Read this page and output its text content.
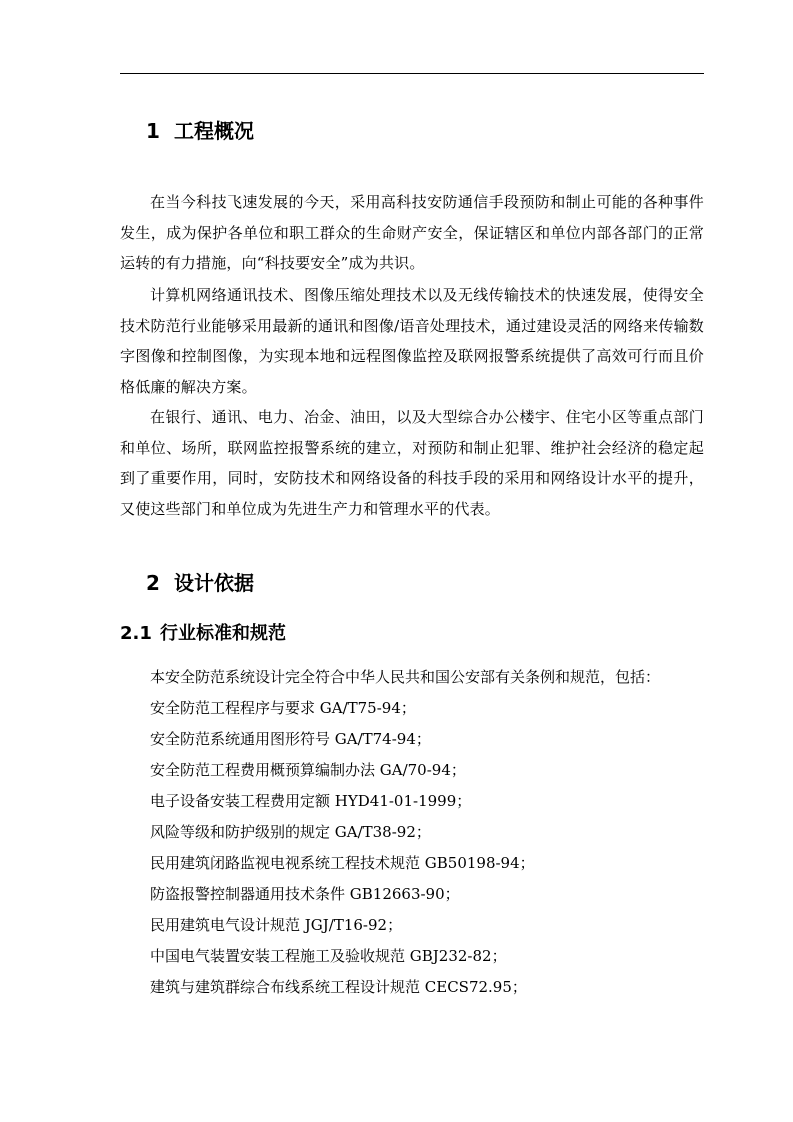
1 工程概况

在当今科技飞速发展的今天，采用高科技安防通信手段预防和制止可能的各种事件发生，成为保护各单位和职工群众的生命财产安全，保证辖区和单位内部各部门的正常运转的有力措施，向“科技要安全”成为共识。

计算机网络通讯技术、图像压缩处理技术以及无线传输技术的快速发展，使得安全技术防范行业能够采用最新的通讯和图像/语音处理技术，通过建设灵活的网络来传输数字图像和控制图像，为实现本地和远程图像监控及联网报警系统提供了高效可行而且价格低廉的解决方案。

在银行、通讯、电力、冶金、油田，以及大型综合办公楼宇、住宅小区等重点部门和单位、场所，联网监控报警系统的建立，对预防和制止犯罪、维护社会经济的稳定起到了重要作用，同时，安防技术和网络设备的科技手段的采用和网络设计水平的提升，又使这些部门和单位成为先进生产力和管理水平的代表。

2 设计依据
2.1 行业标准和规范
本安全防范系统设计完全符合中华人民共和国公安部有关条例和规范，包括：
安全防范工程程序与要求 GA/T75-94；
安全防范系统通用图形符号 GA/T74-94；
安全防范工程费用概预算编制办法 GA/70-94；
电子设备安装工程费用定额 HYD41-01-1999；
风险等级和防护级别的规定 GA/T38-92；
民用建筑闭路监视电视系统工程技术规范 GB50198-94；
防盗报警控制器通用技术条件 GB12663-90；
民用建筑电气设计规范 JGJ/T16-92；
中国电气装置安装工程施工及验收规范 GBJ232-82；
建筑与建筑群综合布线系统工程设计规范 CECS72.95；
